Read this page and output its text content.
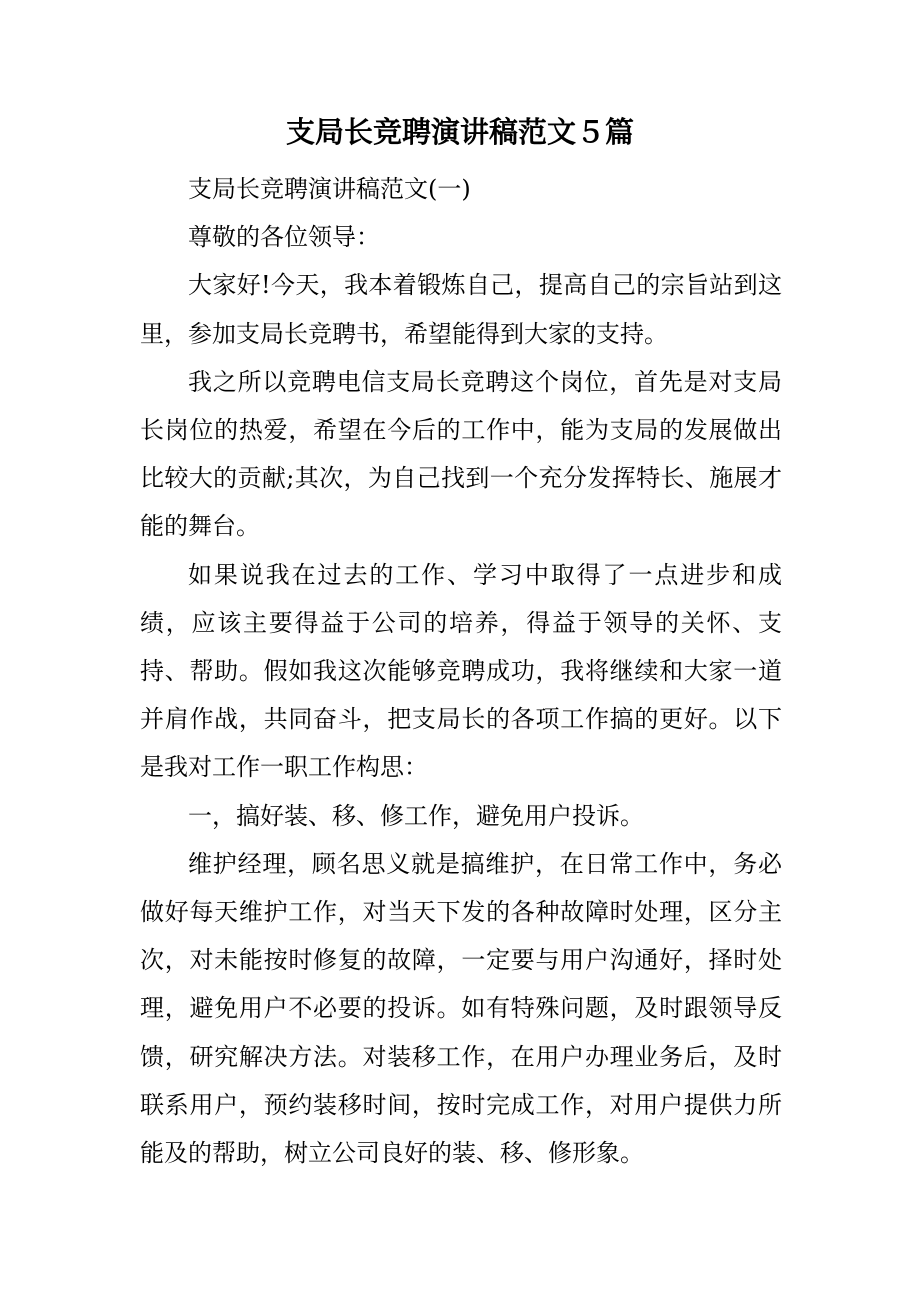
支局长竞聘演讲稿范文５篇

支局长竞聘演讲稿范文(一)

尊敬的各位领导：

大家好!今天，我本着锻炼自己，提高自己的宗旨站到这里，参加支局长竞聘书，希望能得到大家的支持。

我之所以竞聘电信支局长竞聘这个岗位，首先是对支局长岗位的热爱，希望在今后的工作中，能为支局的发展做出比较大的贡献;其次，为自己找到一个充分发挥特长、施展才能的舞台。

如果说我在过去的工作、学习中取得了一点进步和成绩，应该主要得益于公司的培养，得益于领导的关怀、支持、帮助。假如我这次能够竞聘成功，我将继续和大家一道并肩作战，共同奋斗，把支局长的各项工作搞的更好。以下是我对工作一职工作构思：

一，搞好装、移、修工作，避免用户投诉。

维护经理，顾名思义就是搞维护，在日常工作中，务必做好每天维护工作，对当天下发的各种故障时处理，区分主次，对未能按时修复的故障，一定要与用户沟通好，择时处理，避免用户不必要的投诉。如有特殊问题，及时跟领导反馈，研究解决方法。对装移工作，在用户办理业务后，及时联系用户，预约装移时间，按时完成工作，对用户提供力所能及的帮助，树立公司良好的装、移、修形象。
